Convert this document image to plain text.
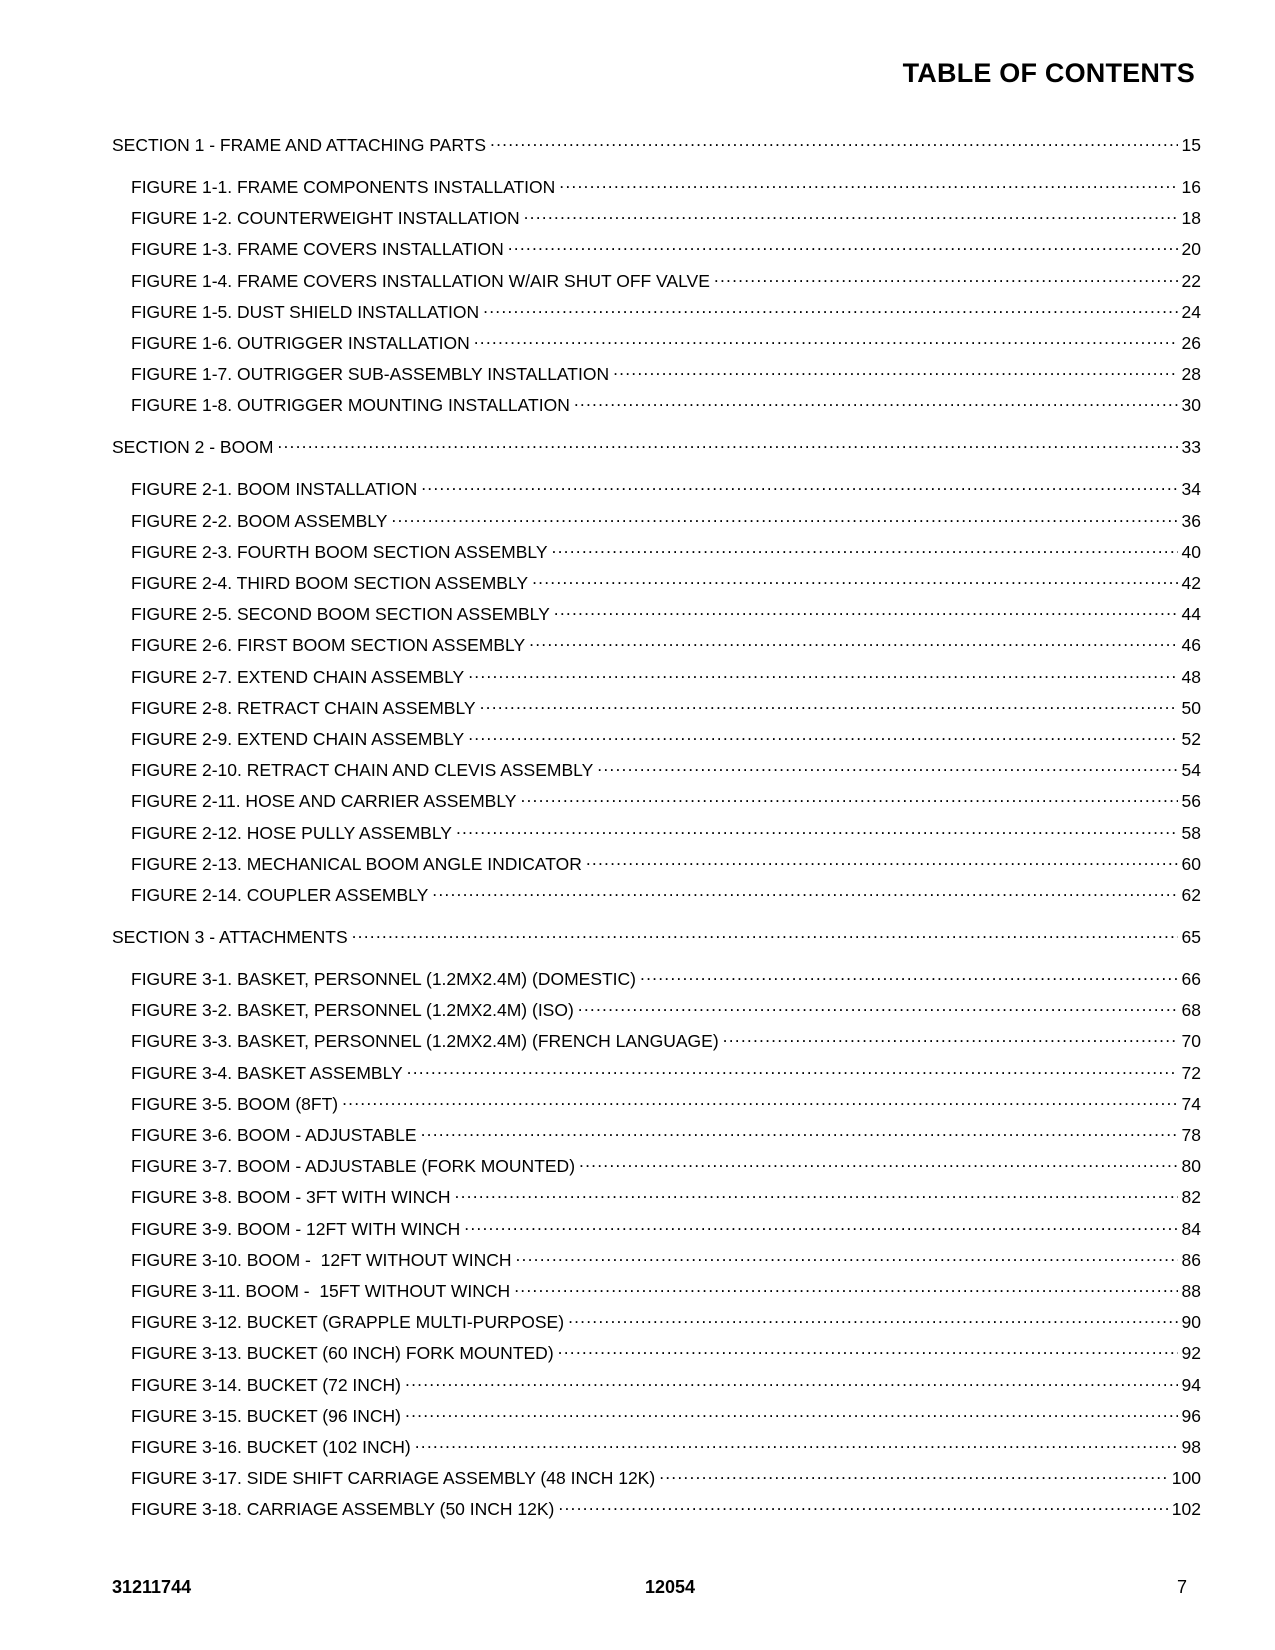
TABLE OF CONTENTS
SECTION 1 - FRAME AND ATTACHING PARTS .....	15
FIGURE 1-1. FRAME COMPONENTS INSTALLATION .....	16
FIGURE 1-2. COUNTERWEIGHT INSTALLATION .....	18
FIGURE 1-3. FRAME COVERS INSTALLATION .....	20
FIGURE 1-4. FRAME COVERS INSTALLATION W/AIR SHUT OFF VALVE .....	22
FIGURE 1-5. DUST SHIELD INSTALLATION .....	24
FIGURE 1-6. OUTRIGGER INSTALLATION .....	26
FIGURE 1-7. OUTRIGGER SUB-ASSEMBLY INSTALLATION .....	28
FIGURE 1-8. OUTRIGGER MOUNTING INSTALLATION .....	30
SECTION 2 - BOOM .....	33
FIGURE 2-1. BOOM INSTALLATION .....	34
FIGURE 2-2. BOOM ASSEMBLY .....	36
FIGURE 2-3. FOURTH BOOM SECTION ASSEMBLY .....	40
FIGURE 2-4. THIRD BOOM SECTION ASSEMBLY .....	42
FIGURE 2-5. SECOND BOOM SECTION ASSEMBLY .....	44
FIGURE 2-6. FIRST BOOM SECTION ASSEMBLY .....	46
FIGURE 2-7. EXTEND CHAIN ASSEMBLY .....	48
FIGURE 2-8. RETRACT CHAIN ASSEMBLY .....	50
FIGURE 2-9. EXTEND CHAIN ASSEMBLY .....	52
FIGURE 2-10. RETRACT CHAIN AND CLEVIS ASSEMBLY .....	54
FIGURE 2-11. HOSE AND CARRIER ASSEMBLY .....	56
FIGURE 2-12. HOSE PULLY ASSEMBLY .....	58
FIGURE 2-13. MECHANICAL BOOM ANGLE INDICATOR .....	60
FIGURE 2-14. COUPLER ASSEMBLY .....	62
SECTION 3 - ATTACHMENTS .....	65
FIGURE 3-1. BASKET, PERSONNEL (1.2MX2.4M) (DOMESTIC) .....	66
FIGURE 3-2. BASKET, PERSONNEL (1.2MX2.4M) (ISO) .....	68
FIGURE 3-3. BASKET, PERSONNEL (1.2MX2.4M) (FRENCH LANGUAGE) .....	70
FIGURE 3-4. BASKET ASSEMBLY .....	72
FIGURE 3-5. BOOM (8FT) .....	74
FIGURE 3-6. BOOM - ADJUSTABLE .....	78
FIGURE 3-7. BOOM - ADJUSTABLE (FORK MOUNTED) .....	80
FIGURE 3-8. BOOM - 3FT WITH WINCH .....	82
FIGURE 3-9. BOOM - 12FT WITH WINCH .....	84
FIGURE 3-10. BOOM -  12FT WITHOUT WINCH .....	86
FIGURE 3-11. BOOM -  15FT WITHOUT WINCH .....	88
FIGURE 3-12. BUCKET (GRAPPLE MULTI-PURPOSE) .....	90
FIGURE 3-13. BUCKET (60 INCH) FORK MOUNTED) .....	92
FIGURE 3-14. BUCKET (72 INCH) .....	94
FIGURE 3-15. BUCKET (96 INCH) .....	96
FIGURE 3-16. BUCKET (102 INCH) .....	98
FIGURE 3-17. SIDE SHIFT CARRIAGE ASSEMBLY (48 INCH 12K) .....	100
FIGURE 3-18. CARRIAGE ASSEMBLY (50 INCH 12K) .....	102
31211744	12054	7
